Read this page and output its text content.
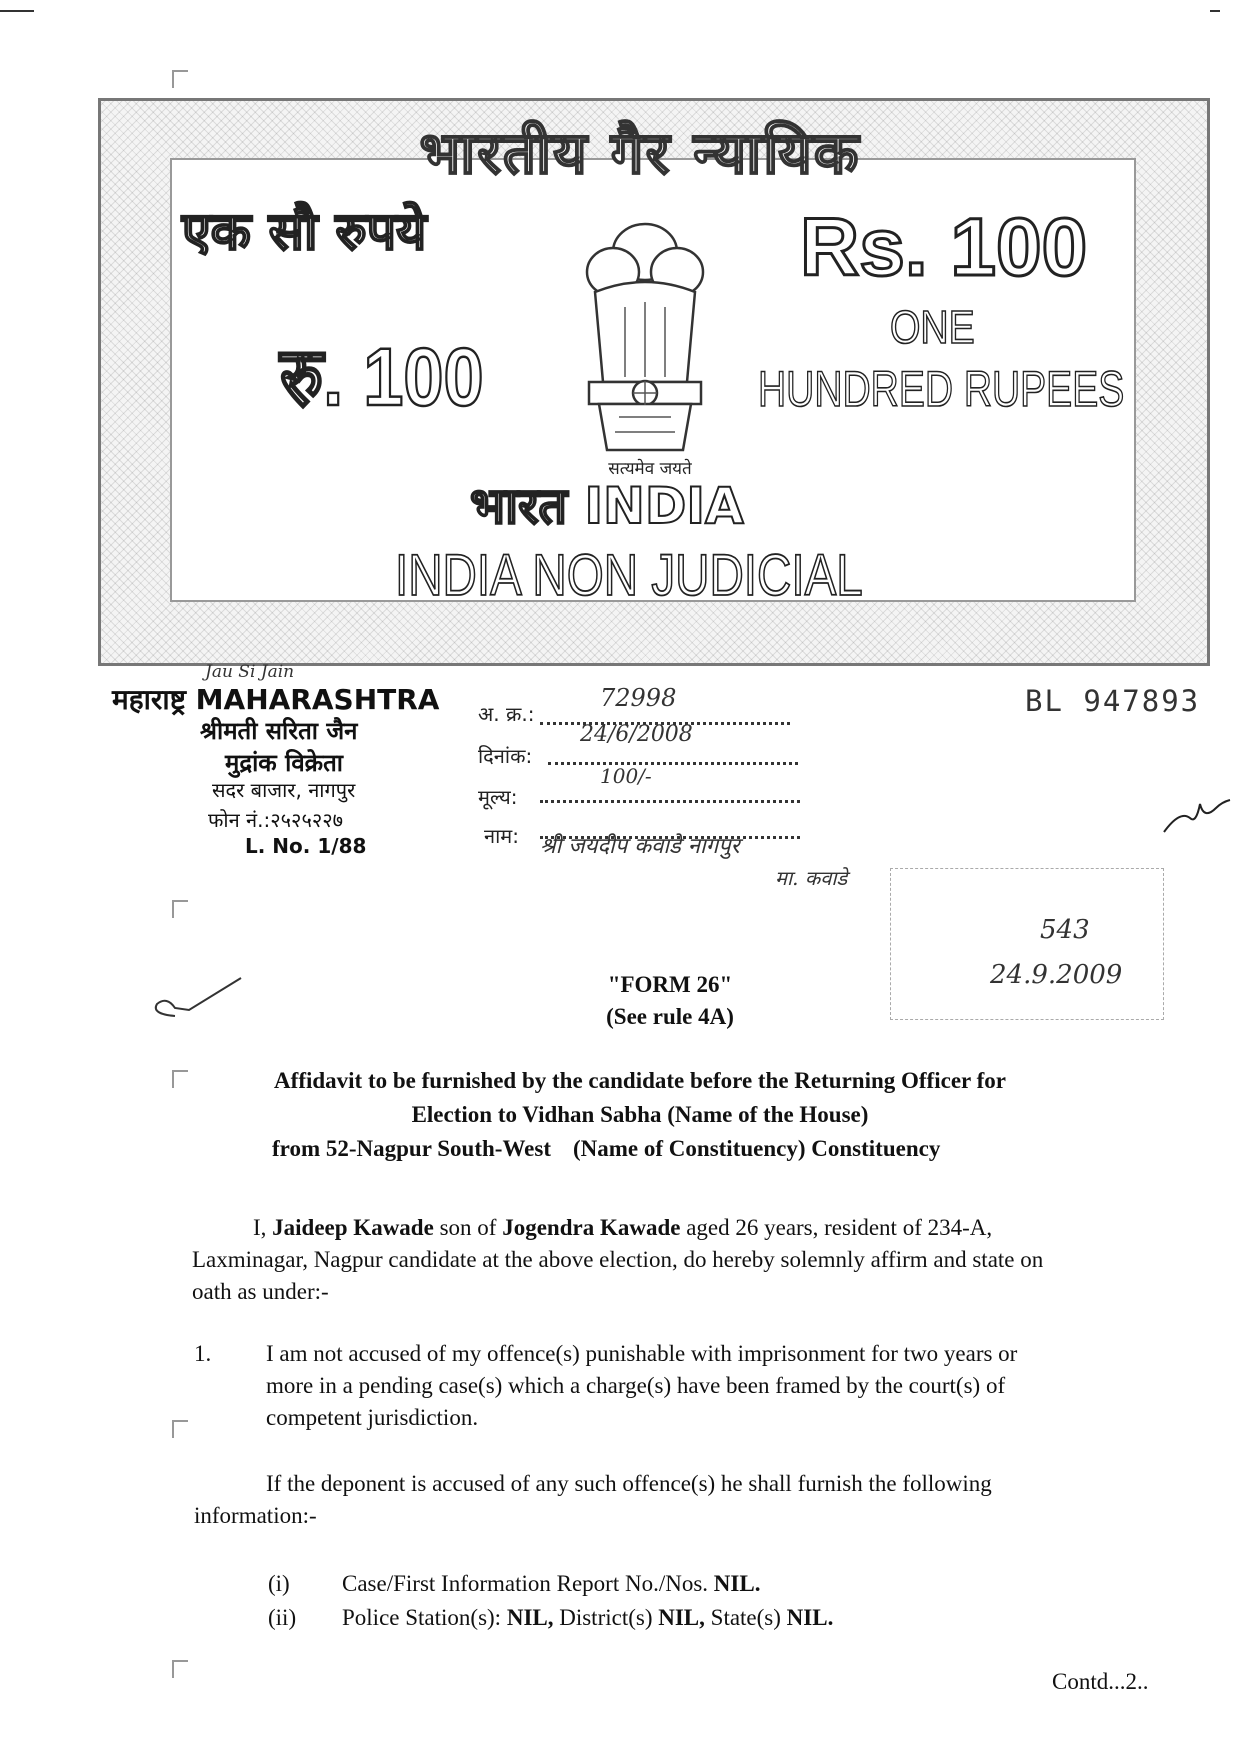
भारतीय गैर न्यायिक
एक सौ रुपये	Rs. 100
ONE
HUNDRED RUPEES
रु. 100
सत्यमेव जयते
भारत INDIA
INDIA NON JUDICIAL
Jau Si Jain
महाराष्ट्र MAHARASHTRA
श्रीमती सरिता जैन
मुद्रांक विक्रेता
सदर बाजार, नागपुर
फोन नं.:२५२५२२७
L. No. 1/88
अ. क्र.:
72998
दिनांक:
24/6/2008
मूल्य:
100/-
नाम: श्री जयदीप कवाडे नागपुर
मा. कवाडे
BL 947893
543
24.9.2009
"FORM 26"
(See rule 4A)
Affidavit to be furnished by the candidate before the Returning Officer for
Election to Vidhan Sabha (Name of the House)
from 52-Nagpur South-West (Name of Constituency) Constituency
I, Jaideep Kawade son of Jogendra Kawade aged 26 years, resident of 234-A,
Laxminagar, Nagpur candidate at the above election, do hereby solemnly affirm and state on
oath as under:-
1. I am not accused of my offence(s) punishable with imprisonment for two years or
more in a pending case(s) which a charge(s) have been framed by the court(s) of
competent jurisdiction.
If the deponent is accused of any such offence(s) he shall furnish the following
information:-
(i) Case/First Information Report No./Nos. NIL.
(ii) Police Station(s): NIL, District(s) NIL, State(s) NIL.
Contd...2..
